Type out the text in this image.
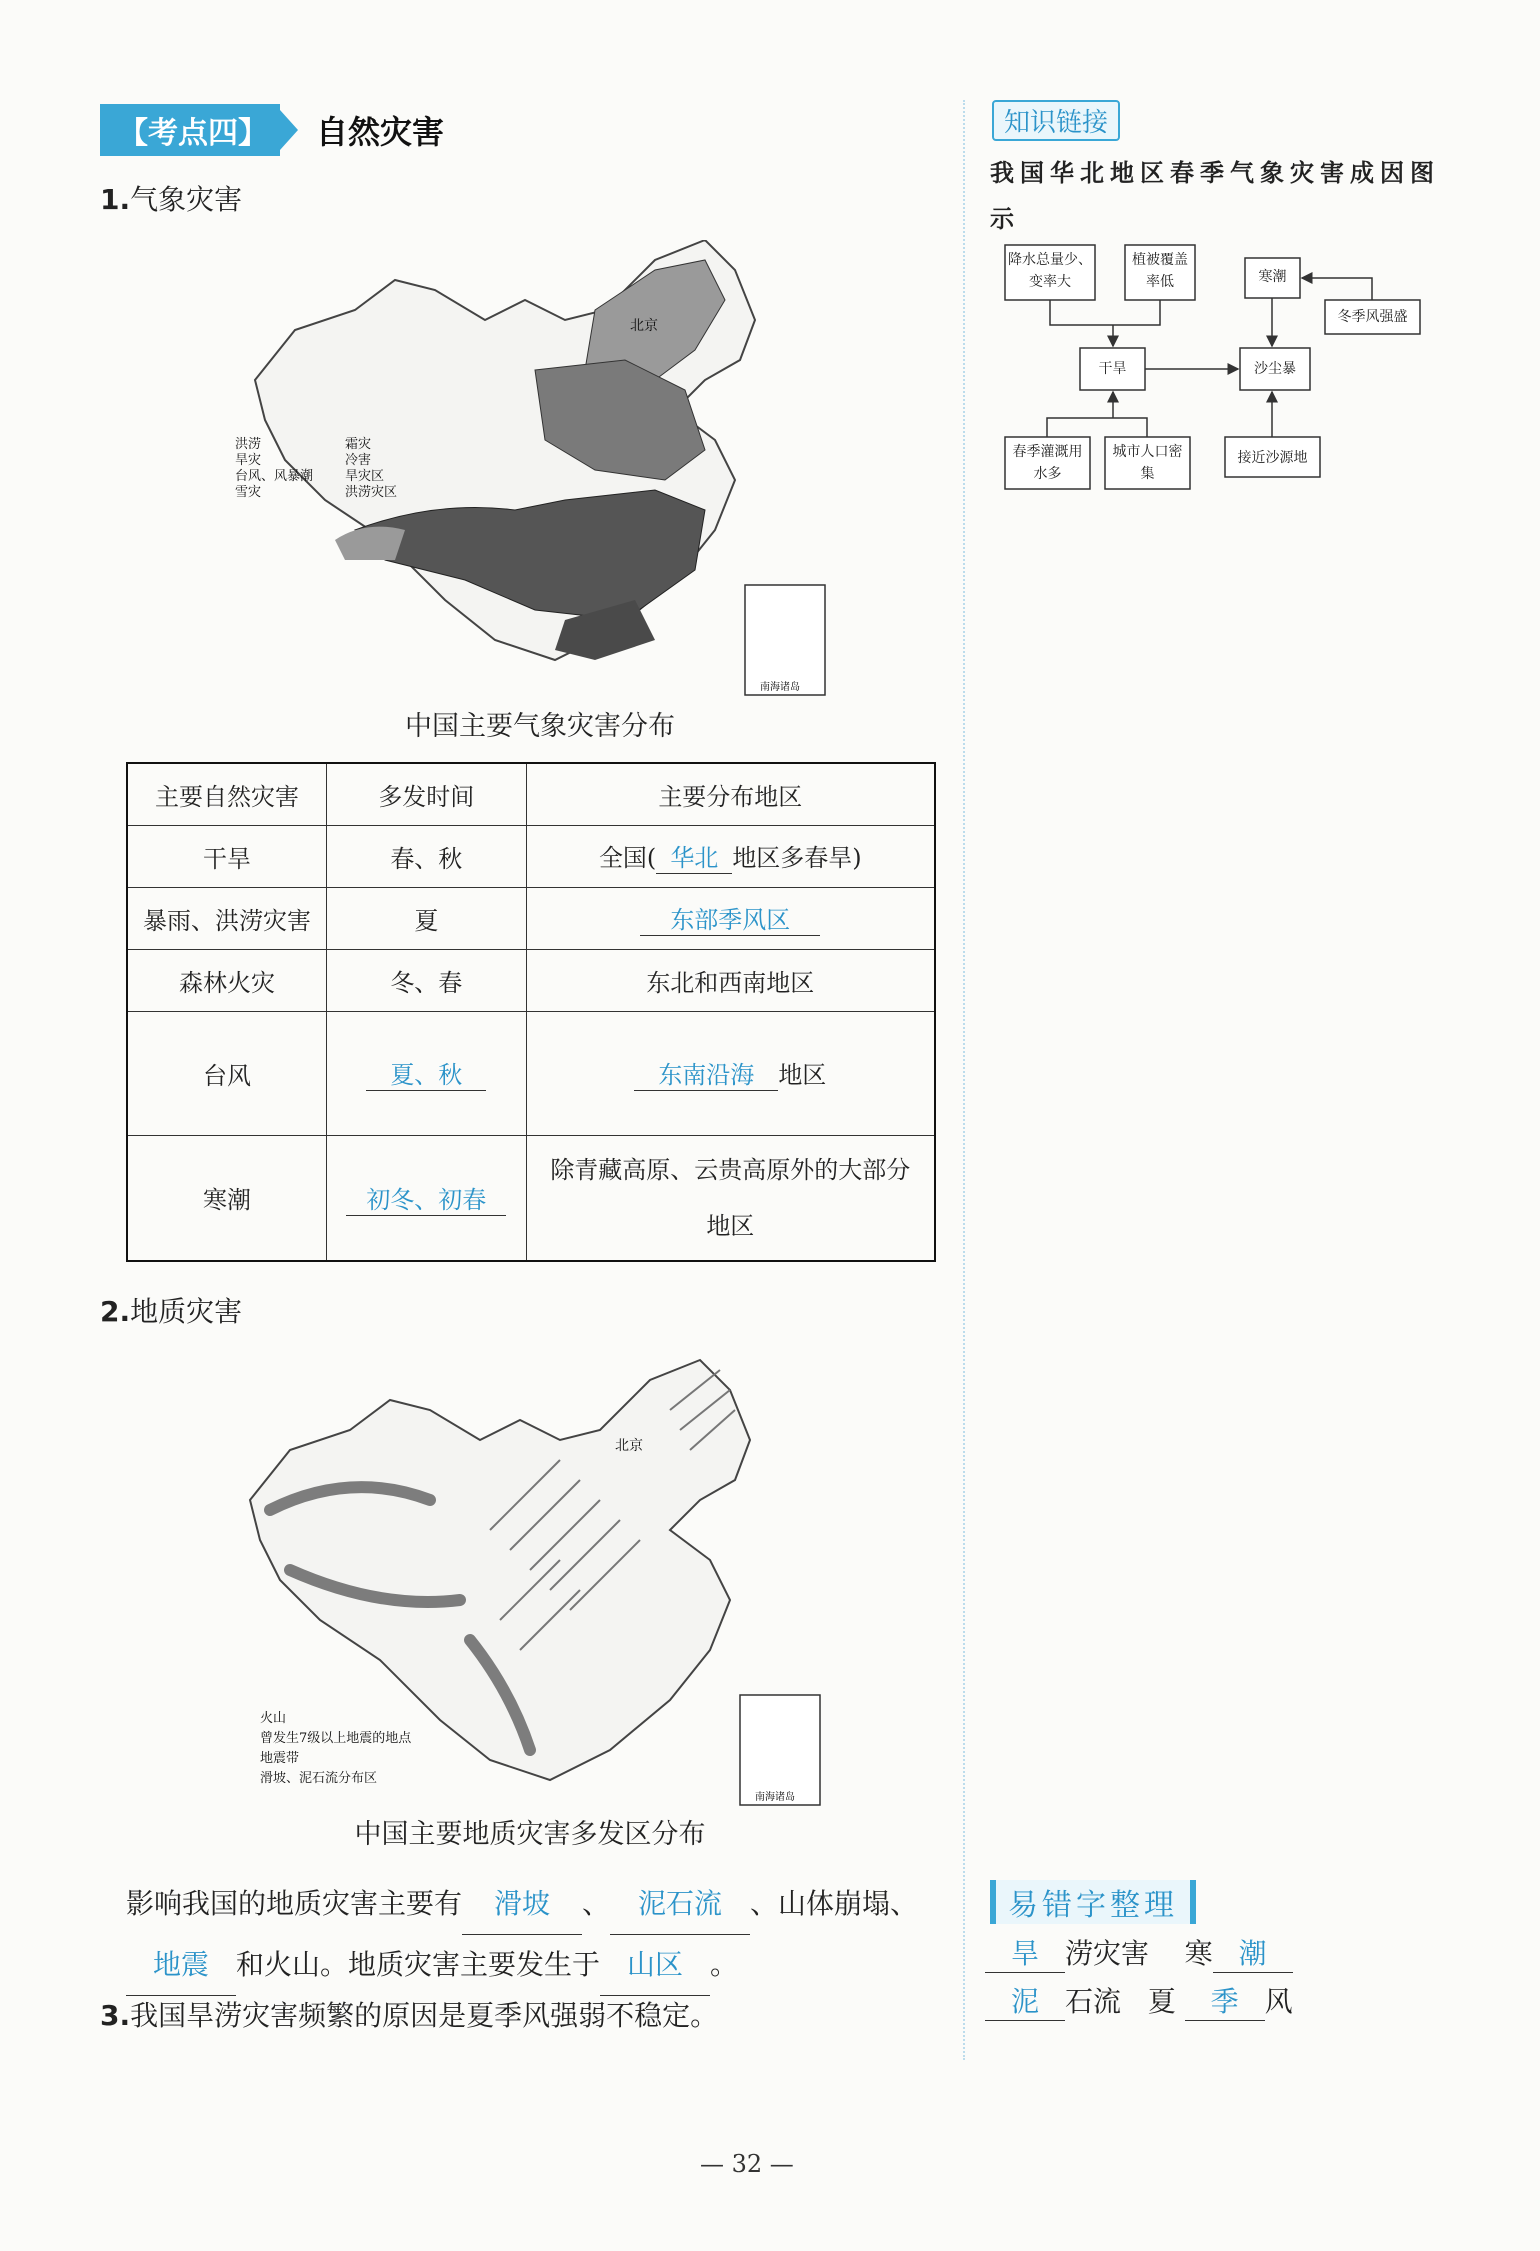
【 考点四 】	自然灾害
1.气象灾害
北京
洪涝
旱灾
台风、风暴潮
雪灾
霜灾
冷害
旱灾区
洪涝灾区
南海诸岛
中国主要气象灾害分布
主要自然灾害	多发时间	主要分布地区
干旱	春、秋	全国( 华北 地区多春旱)
暴雨、洪涝灾害	夏	东部季风区
森林火灾	冬、春	东北和西南地区
台风	夏、秋	东南沿海 地区
寒潮	初冬、初春	除青藏高原、云贵高原外的大部分
地区
2.地质灾害
北京
火山
曾发生7级以上地震的地点
地震带
滑坡、泥石流分布区
南海诸岛
中国主要地质灾害多发区分布
影响我国的地质灾害主要有 滑坡 、 泥石流 、山体崩塌、
地震 和火山。地质灾害主要发生于 山区 。
3.我国旱涝灾害频繁的原因是夏季风强弱不稳定。
— 32 —
知识链接
我国华北地区春季气象灾害成因图示
降水总量少、变率大
植被覆盖率低	寒潮
冬季风强盛
干旱	沙尘暴
春季灌溉用水多
城市人口密集
接近沙源地
易错字整理
旱 涝灾害 寒 潮
泥 石流 夏 季 风
